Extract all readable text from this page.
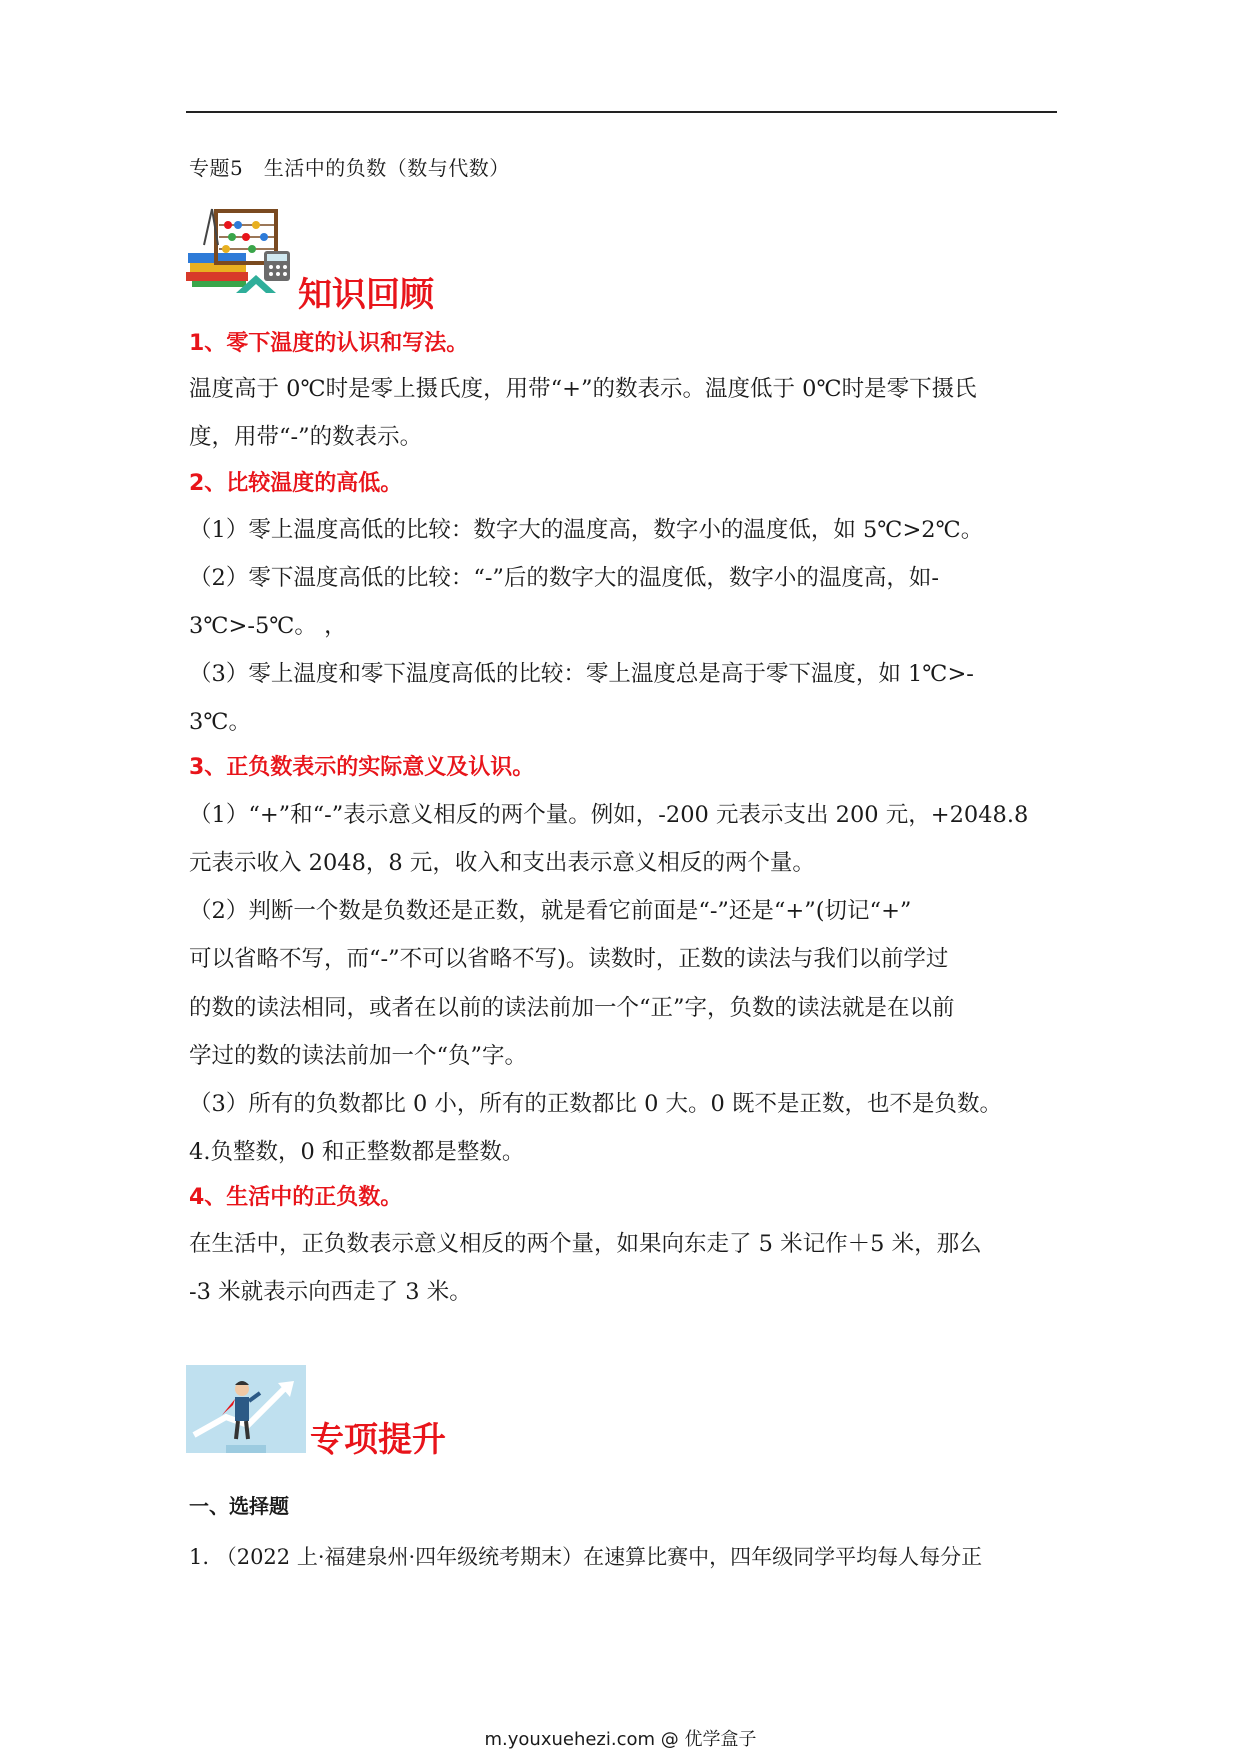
专题5　生活中的负数（数与代数）
知识回顾
1、零下温度的认识和写法。
温度高于 0℃时是零上摄氏度，用带“+”的数表示。温度低于 0℃时是零下摄氏
度，用带“-”的数表示。
2、比较温度的高低。
（1）零上温度高低的比较：数字大的温度高，数字小的温度低，如 5℃>2℃。
（2）零下温度高低的比较：“-”后的数字大的温度低，数字小的温度高，如-
3℃>-5℃。 ，
（3）零上温度和零下温度高低的比较：零上温度总是高于零下温度，如 1℃>-
3℃。
3、正负数表示的实际意义及认识。
（1）“+”和“-”表示意义相反的两个量。例如，-200 元表示支出 200 元，+2048.8
元表示收入 2048，8 元，收入和支出表示意义相反的两个量。
（2）判断一个数是负数还是正数，就是看它前面是“-”还是“+”(切记“+”
可以省略不写，而“-”不可以省略不写)。读数时，正数的读法与我们以前学过
的数的读法相同，或者在以前的读法前加一个“正”字，负数的读法就是在以前
学过的数的读法前加一个“负”字。
（3）所有的负数都比 0 小，所有的正数都比 0 大。0 既不是正数，也不是负数。
4.负整数，0 和正整数都是整数。
4、生活中的正负数。
在生活中，正负数表示意义相反的两个量，如果向东走了 5 米记作＋5 米，那么
-3 米就表示向西走了 3 米。
专项提升
一、选择题
1. （2022 上·福建泉州·四年级统考期末）在速算比赛中，四年级同学平均每人每分正
m.youxuehezi.com @ 优学盒子
